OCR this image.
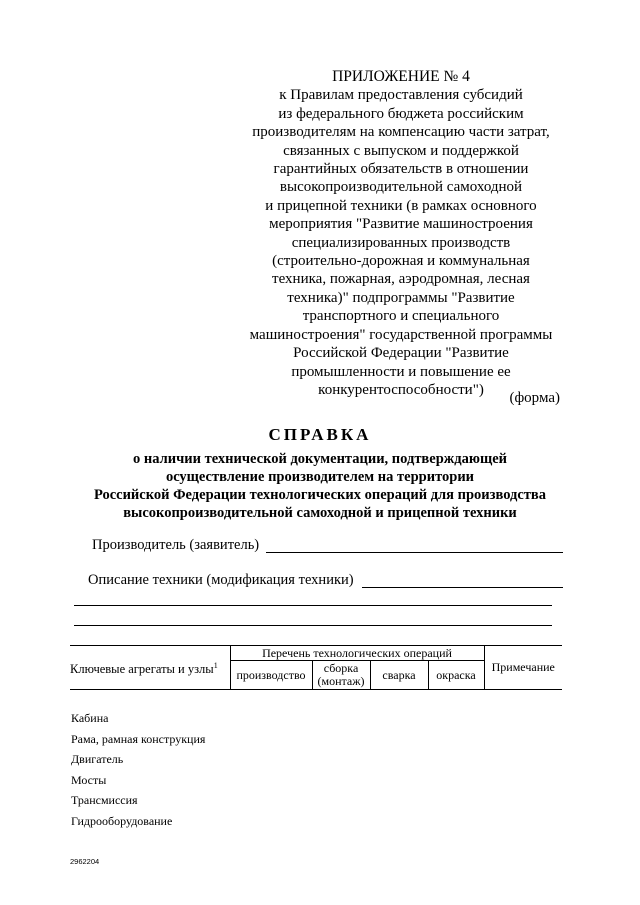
ПРИЛОЖЕНИЕ № 4
к Правилам предоставления субсидий
из федерального бюджета российским
производителям на компенсацию части затрат,
связанных с выпуском и поддержкой
гарантийных обязательств в отношении
высокопроизводительной самоходной
и прицепной техники (в рамках основного
мероприятия "Развитие машиностроения
специализированных производств
(строительно-дорожная и коммунальная
техника, пожарная, аэродромная, лесная
техника)" подпрограммы "Развитие
транспортного и специального
машиностроения" государственной программы
Российской Федерации "Развитие
промышленности и повышение ее
конкурентоспособности")
(форма)
СПРАВКА
о наличии технической документации, подтверждающей
осуществление производителем на территории
Российской Федерации технологических операций для производства
высокопроизводительной самоходной и прицепной техники
Производитель (заявитель)
Описание техники (модификация техники)
Ключевые агрегаты и узлы$^1$	Перечень технологических операций				Примечание
	производство	сборка (монтаж)	сварка	окраска	
Кабина
Рама, рамная конструкция
Двигатель
Мосты
Трансмиссия
Гидрооборудование
2962204
